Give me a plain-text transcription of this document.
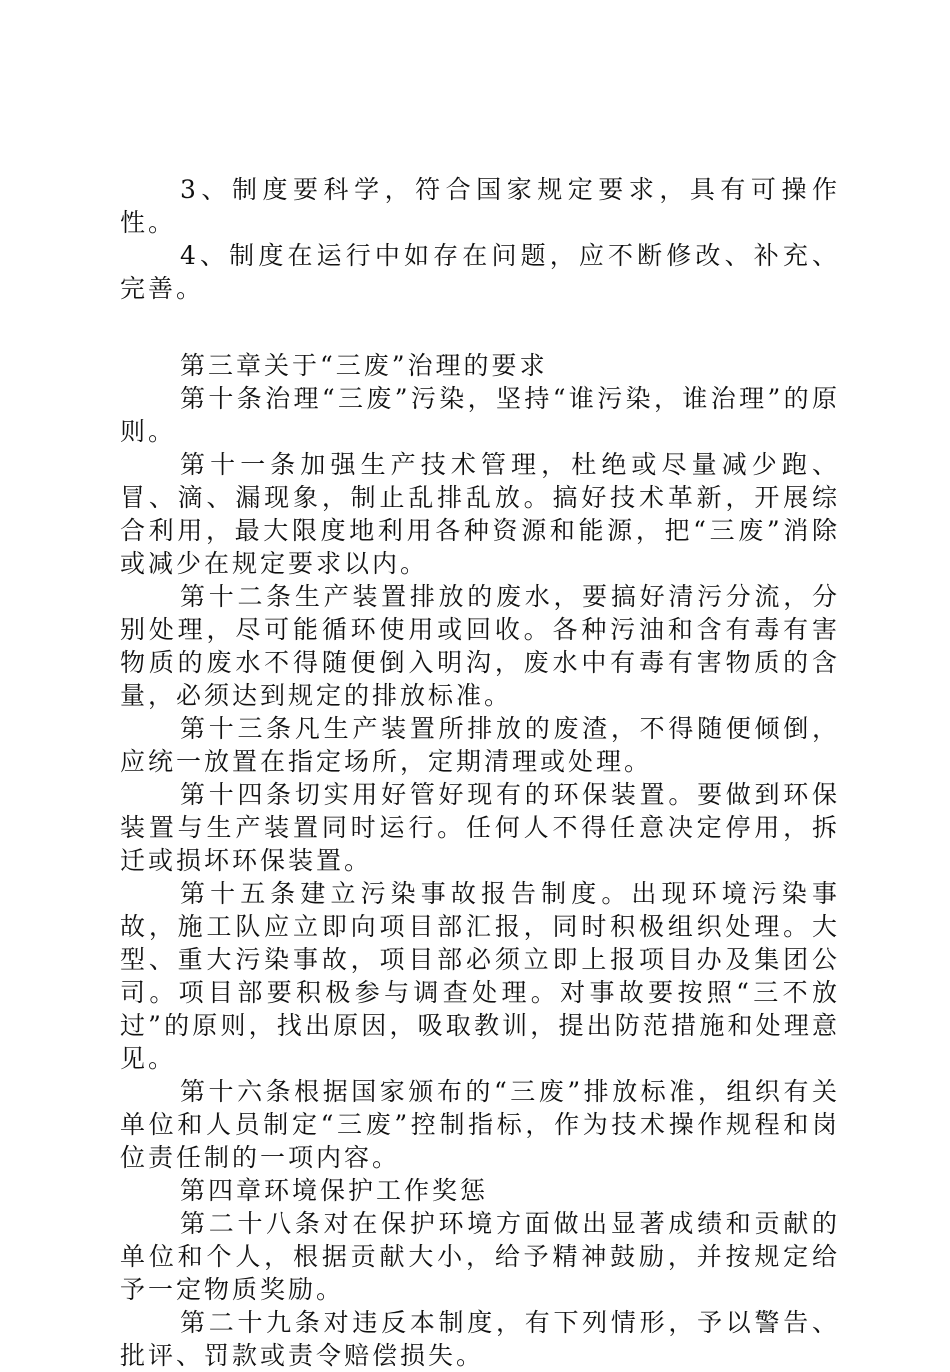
3、制度要科学，符合国家规定要求，具有可操作性。

4、制度在运行中如存在问题，应不断修改、补充、完善。

第三章关于“三废”治理的要求

第十条治理“三废”污染，坚持“谁污染，谁治理”的原则。

第十一条加强生产技术管理，杜绝或尽量减少跑、冒、滴、漏现象，制止乱排乱放。搞好技术革新，开展综合利用，最大限度地利用各种资源和能源，把“三废”消除或减少在规定要求以内。

第十二条生产装置排放的废水，要搞好清污分流，分别处理，尽可能循环使用或回收。各种污油和含有毒有害物质的废水不得随便倒入明沟，废水中有毒有害物质的含量，必须达到规定的排放标准。

第十三条凡生产装置所排放的废渣，不得随便倾倒，应统一放置在指定场所，定期清理或处理。

第十四条切实用好管好现有的环保装置。要做到环保装置与生产装置同时运行。任何人不得任意决定停用，拆迁或损坏环保装置。

第十五条建立污染事故报告制度。出现环境污染事故，施工队应立即向项目部汇报，同时积极组织处理。大型、重大污染事故，项目部必须立即上报项目办及集团公司。项目部要积极参与调查处理。对事故要按照“三不放过”的原则，找出原因，吸取教训，提出防范措施和处理意见。

第十六条根据国家颁布的“三废”排放标准，组织有关单位和人员制定“三废”控制指标，作为技术操作规程和岗位责任制的一项内容。

第四章环境保护工作奖惩

第二十八条对在保护环境方面做出显著成绩和贡献的单位和个人，根据贡献大小，给予精神鼓励，并按规定给予一定物质奖励。

第二十九条对违反本制度，有下列情形，予以警告、批评、罚款或责令赔偿损失。
